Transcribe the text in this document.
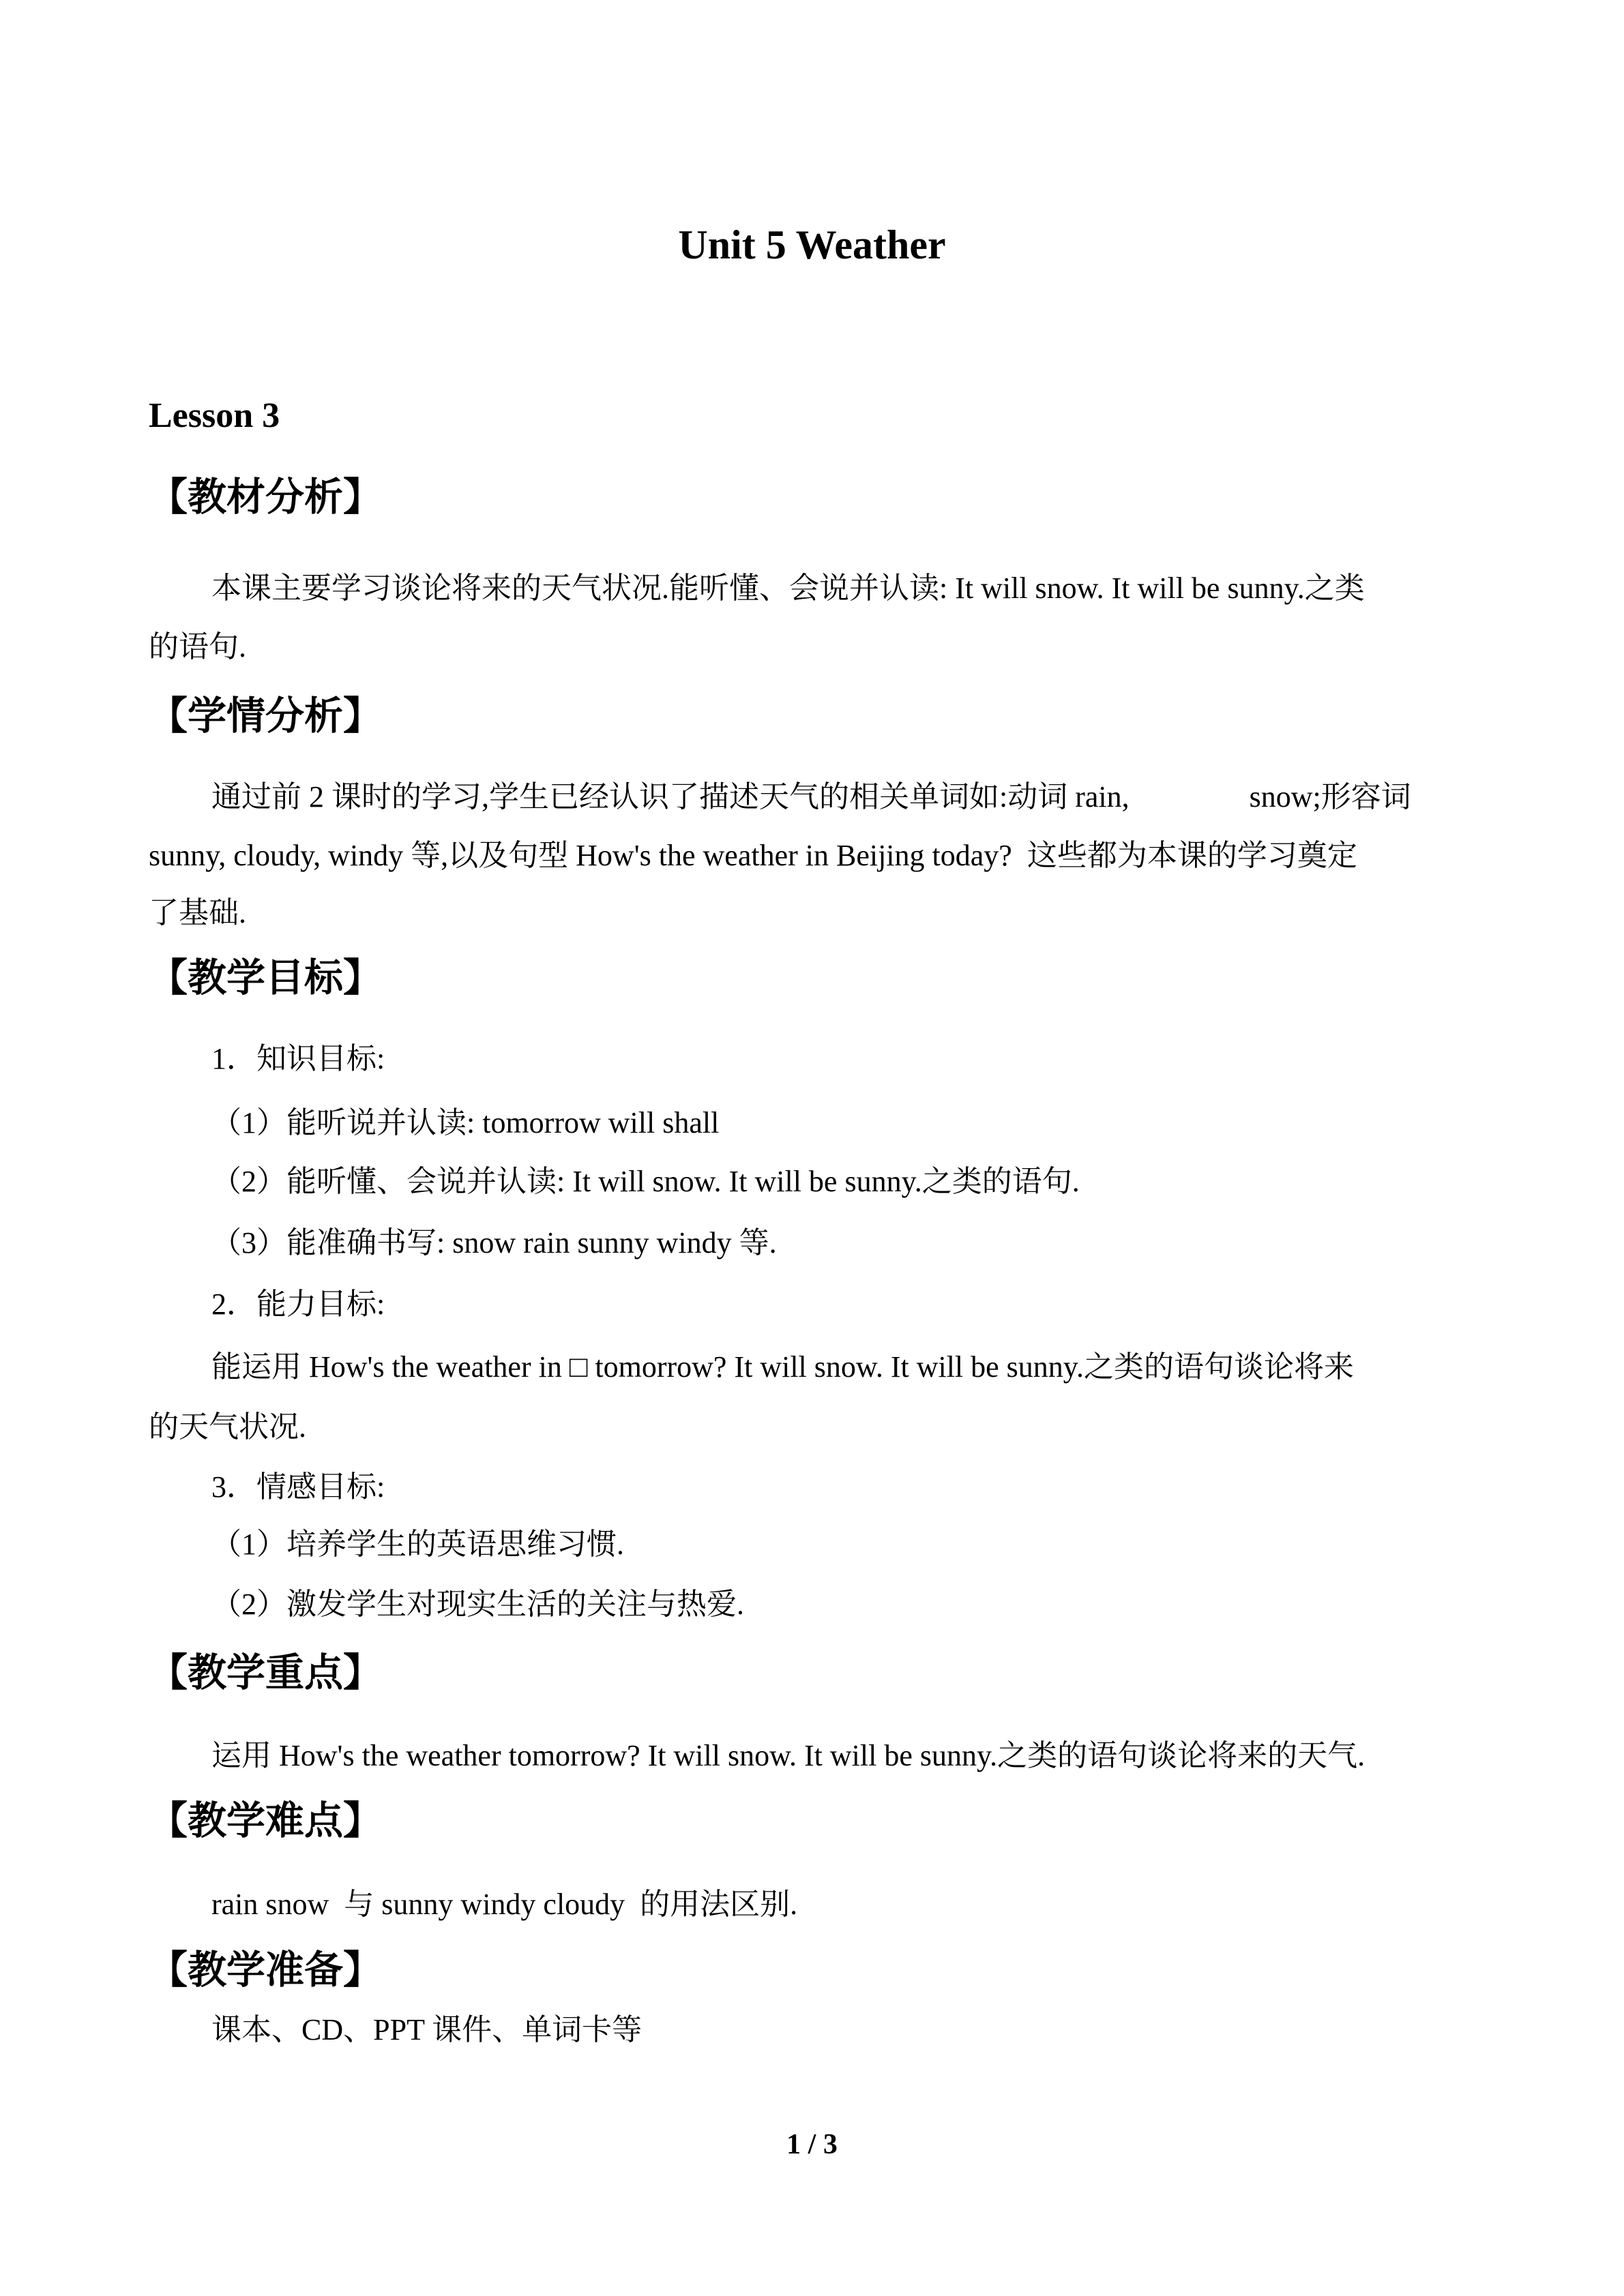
Unit 5 Weather
Lesson 3
【教材分析】
本课主要学习谈论将来的天气状况.能听懂、会说并认读: It will snow. It will be sunny.之类
的语句.
【学情分析】
通过前 2 课时的学习,学生已经认识了描述天气的相关单词如:动词 rain,　　　　snow;形容词
sunny, cloudy, windy 等,以及句型 How's the weather in Beijing today?  这些都为本课的学习奠定
了基础.
【教学目标】
1．知识目标:
（1）能听说并认读: tomorrow will shall
（2）能听懂、会说并认读: It will snow. It will be sunny.之类的语句.
（3）能准确书写: snow rain sunny windy 等.
2．能力目标:
能运用 How's the weather in □ tomorrow? It will snow. It will be sunny.之类的语句谈论将来
的天气状况.
3．情感目标:
（1）培养学生的英语思维习惯.
（2）激发学生对现实生活的关注与热爱.
【教学重点】
运用 How's the weather tomorrow? It will snow. It will be sunny.之类的语句谈论将来的天气.
【教学难点】
rain snow  与 sunny windy cloudy  的用法区别.
【教学准备】
课本、CD、PPT 课件、单词卡等
1 / 3
